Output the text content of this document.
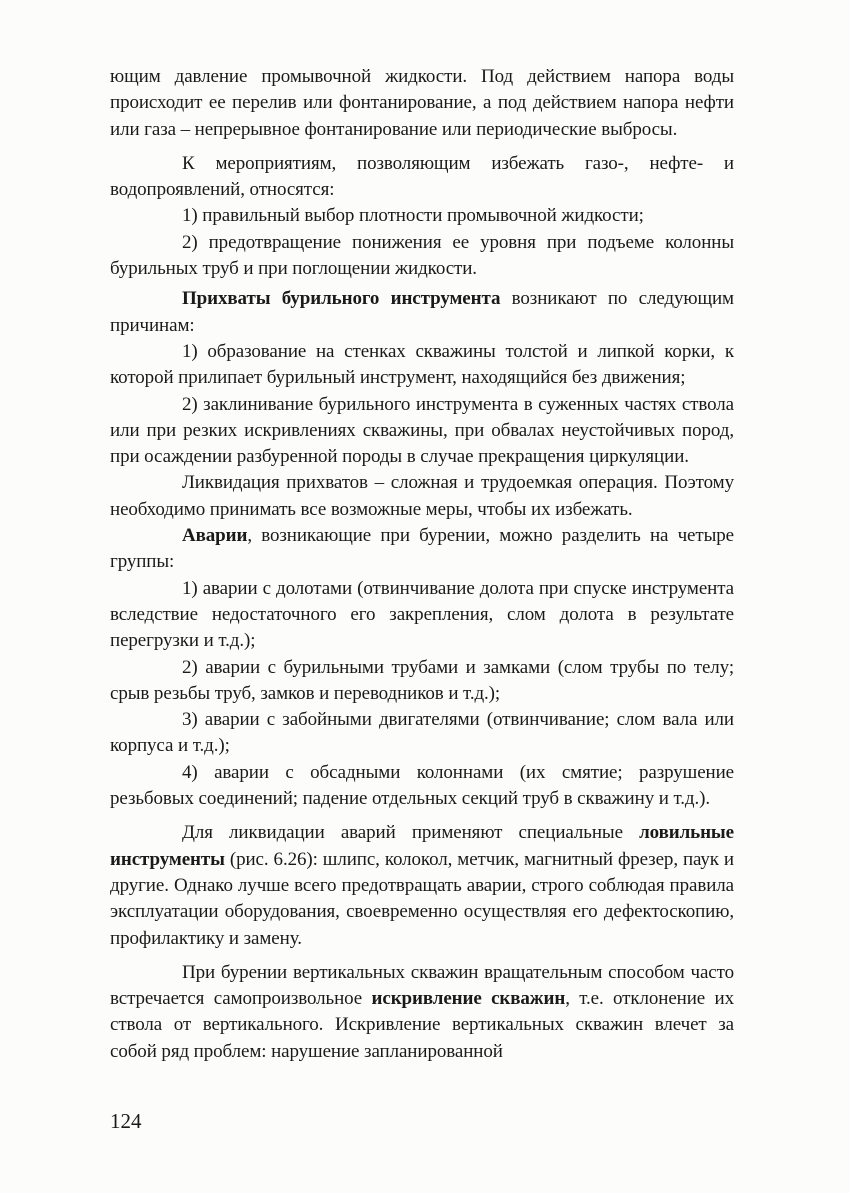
ющим давление промывочной жидкости. Под действием напора воды происходит ее перелив или фонтанирование, а под действием напора нефти или газа – непрерывное фонтанирование или периодические выбросы.

К мероприятиям, позволяющим избежать газо-, нефте- и водопроявлений, относятся:

1) правильный выбор плотности промывочной жидкости;

2) предотвращение понижения ее уровня при подъеме колонны бурильных труб и при поглощении жидкости.

Прихваты бурильного инструмента возникают по следующим причинам:

1) образование на стенках скважины толстой и липкой корки, к которой прилипает бурильный инструмент, находящийся без движения;

2) заклинивание бурильного инструмента в суженных частях ствола или при резких искривлениях скважины, при обвалах неустойчивых пород, при осаждении разбуренной породы в случае прекращения циркуляции.

Ликвидация прихватов – сложная и трудоемкая операция. Поэтому необходимо принимать все возможные меры, чтобы их избежать.

Аварии, возникающие при бурении, можно разделить на четыре группы:

1) аварии с долотами (отвинчивание долота при спуске инструмента вследствие недостаточного его закрепления, слом долота в результате перегрузки и т.д.);

2) аварии с бурильными трубами и замками (слом трубы по телу; срыв резьбы труб, замков и переводников и т.д.);

3) аварии с забойными двигателями (отвинчивание; слом вала или корпуса и т.д.);

4) аварии с обсадными колоннами (их смятие; разрушение резьбовых соединений; падение отдельных секций труб в скважину и т.д.).

Для ликвидации аварий применяют специальные ловильные инструменты (рис. 6.26): шлипс, колокол, метчик, магнитный фрезер, паук и другие. Однако лучше всего предотвращать аварии, строго соблюдая правила эксплуатации оборудования, своевременно осуществляя его дефектоскопию, профилактику и замену.

При бурении вертикальных скважин вращательным способом часто встречается самопроизвольное искривление скважин, т.е. отклонение их ствола от вертикального. Искривление вертикальных скважин влечет за собой ряд проблем: нарушение запланированной

124
